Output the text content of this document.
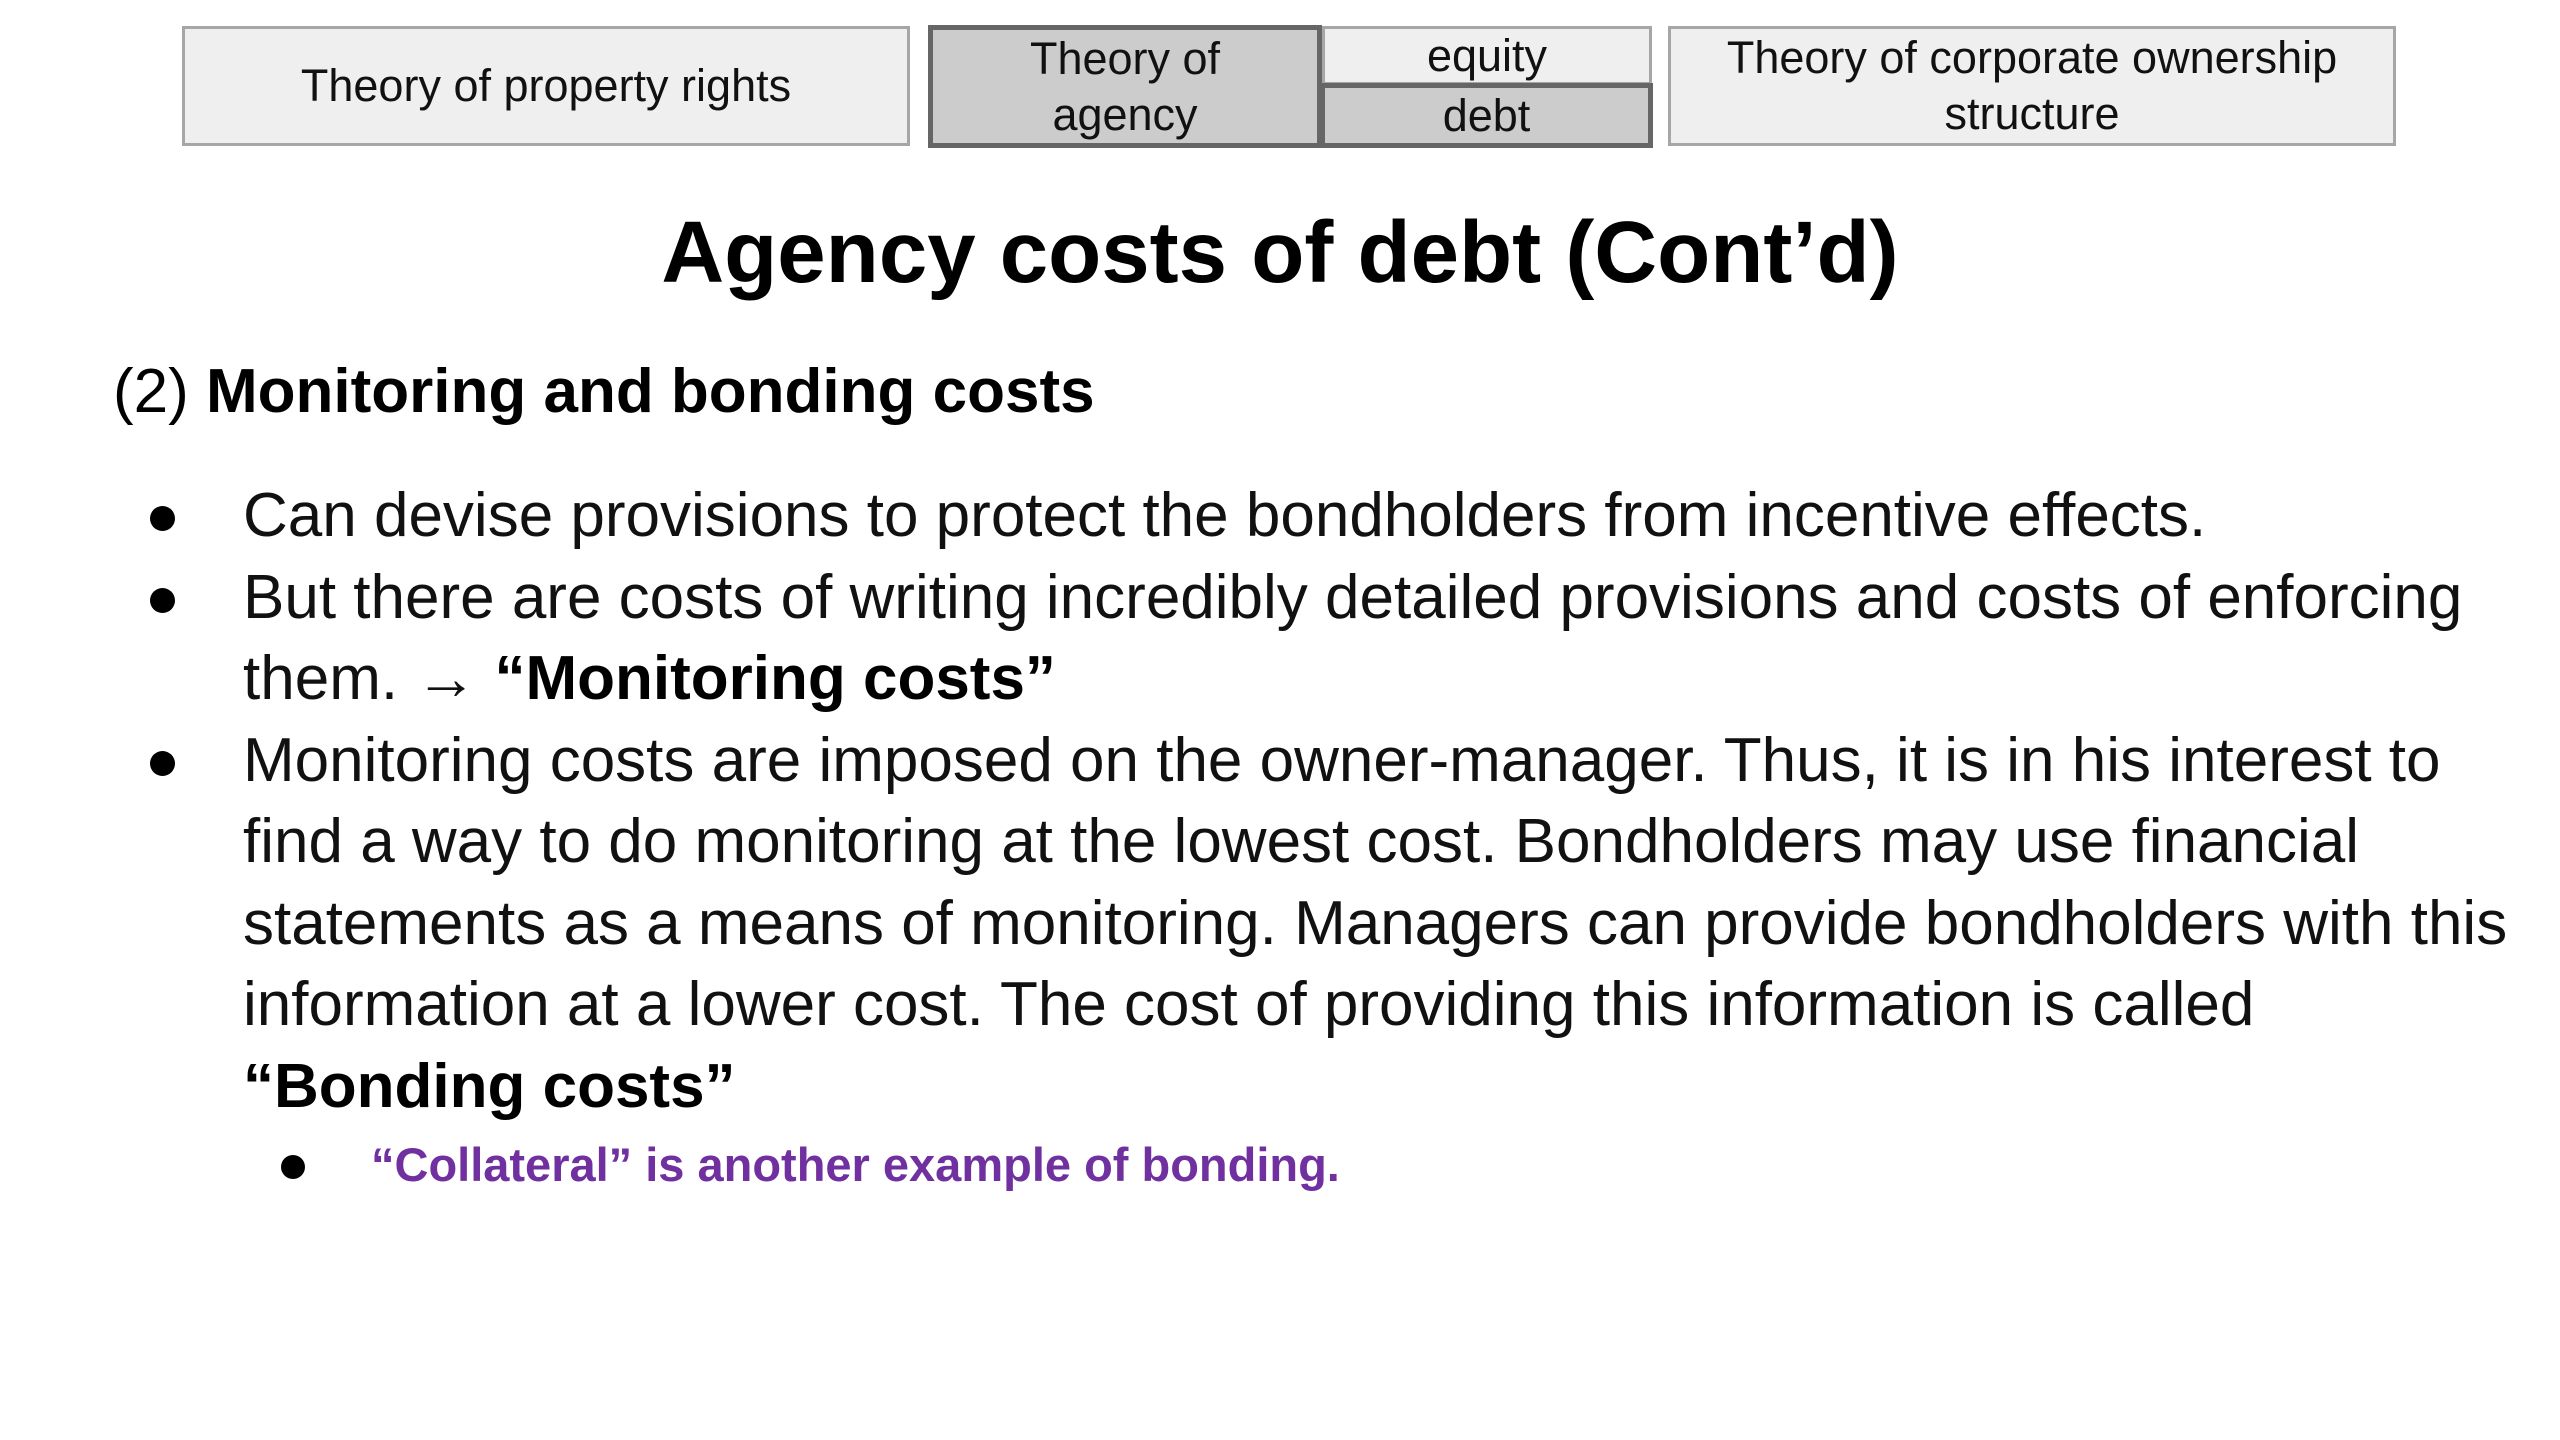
Theory of property rights
Theory of
agency
equity
debt
Theory of corporate ownership
structure
Agency costs of debt (Cont’d)
(2) Monitoring and bonding costs
Can devise provisions to protect the bondholders from incentive effects.
But there are costs of writing incredibly detailed provisions and costs of enforcing them. → “Monitoring costs”
Monitoring costs are imposed on the owner-manager. Thus, it is in his interest to find a way to do monitoring at the lowest cost. Bondholders may use financial statements as a means of monitoring. Managers can provide bondholders with this information at a lower cost. The cost of providing this information is called “Bonding costs”
“Collateral” is another example of bonding.
